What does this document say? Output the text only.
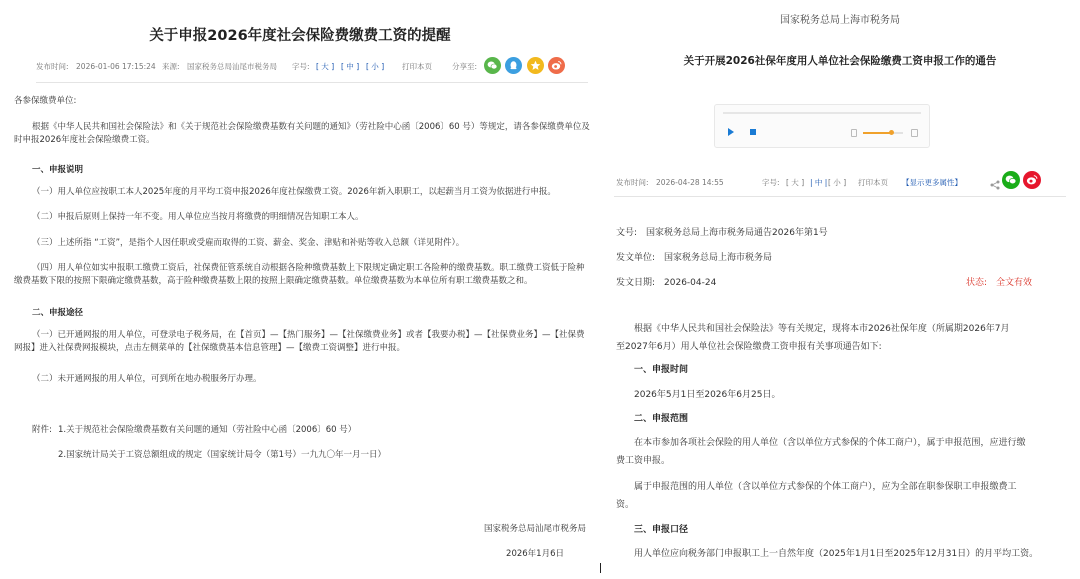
关于申报2026年度社会保险费缴费工资的提醒
发布时间:　2026-01-06 17:15:24 来源:　国家税务总局汕尾市税务局 字号: [ 大 ] [ 中 ] [ 小 ] 打印本页	分享至:
各参保缴费单位:
根据《中华人民共和国社会保险法》和《关于规范社会保险缴费基数有关问题的通知》（劳社险中心函〔2006〕60 号）等规定，请各参保缴费单位及时申报2026年度社会保险缴费工资。
一、申报说明
（一）用人单位应按职工本人2025年度的月平均工资申报2026年度社保缴费工资。2026年新入职职工，以起薪当月工资为依据进行申报。
（二）申报后原则上保持一年不变。用人单位应当按月将缴费的明细情况告知职工本人。
（三）上述所指 “工资”，是指个人因任职或受雇而取得的工资、薪金、奖金、津贴和补贴等收入总额（详见附件）。
（四）用人单位如实申报职工缴费工资后，社保费征管系统自动根据各险种缴费基数上下限规定确定职工各险种的缴费基数。职工缴费工资低于险种缴费基数下限的按照下限确定缴费基数，高于险种缴费基数上限的按照上限确定缴费基数。单位缴费基数为本单位所有职工缴费基数之和。
二、申报途径
（一）已开通网报的用人单位，可登录电子税务局，在【首页】—【热门服务】—【社保缴费业务】或者【我要办税】—【社保费业务】—【社保费网报】进入社保费网报模块，点击左侧菜单的【社保缴费基本信息管理】—【缴费工资调整】进行申报。
（二）未开通网报的用人单位，可到所在地办税服务厅办理。
附件: 1.关于规范社会保险缴费基数有关问题的通知（劳社险中心函〔2006〕60 号）
2.国家统计局关于工资总额组成的规定（国家统计局令（第1号）一九九〇年一月一日）
国家税务总局汕尾市税务局
2026年1月6日
国家税务总局上海市税务局
关于开展2026社保年度用人单位社会保险缴费工资申报工作的通告
发布时间:　2026-04-28 14:55	字号: [ 大 ] | 中 | [ 小 ] 打印本页 【显示更多属性】
文号:　国家税务总局上海市税务局通告2026年第1号
发文单位:　国家税务总局上海市税务局
发文日期:　2026-04-24	状态:　全文有效
根据《中华人民共和国社会保险法》等有关规定，现将本市2026社保年度（所属期2026年7月至2027年6月）用人单位社会保险缴费工资申报有关事项通告如下:
一、申报时间
2026年5月1日至2026年6月25日。
二、申报范围
在本市参加各项社会保险的用人单位（含以单位方式参保的个体工商户），属于申报范围，应进行缴费工资申报。
属于申报范围的用人单位（含以单位方式参保的个体工商户），应为全部在职参保职工申报缴费工资。
三、申报口径
用人单位应向税务部门申报职工上一自然年度（2025年1月1日至2025年12月31日）的月平均工资。
